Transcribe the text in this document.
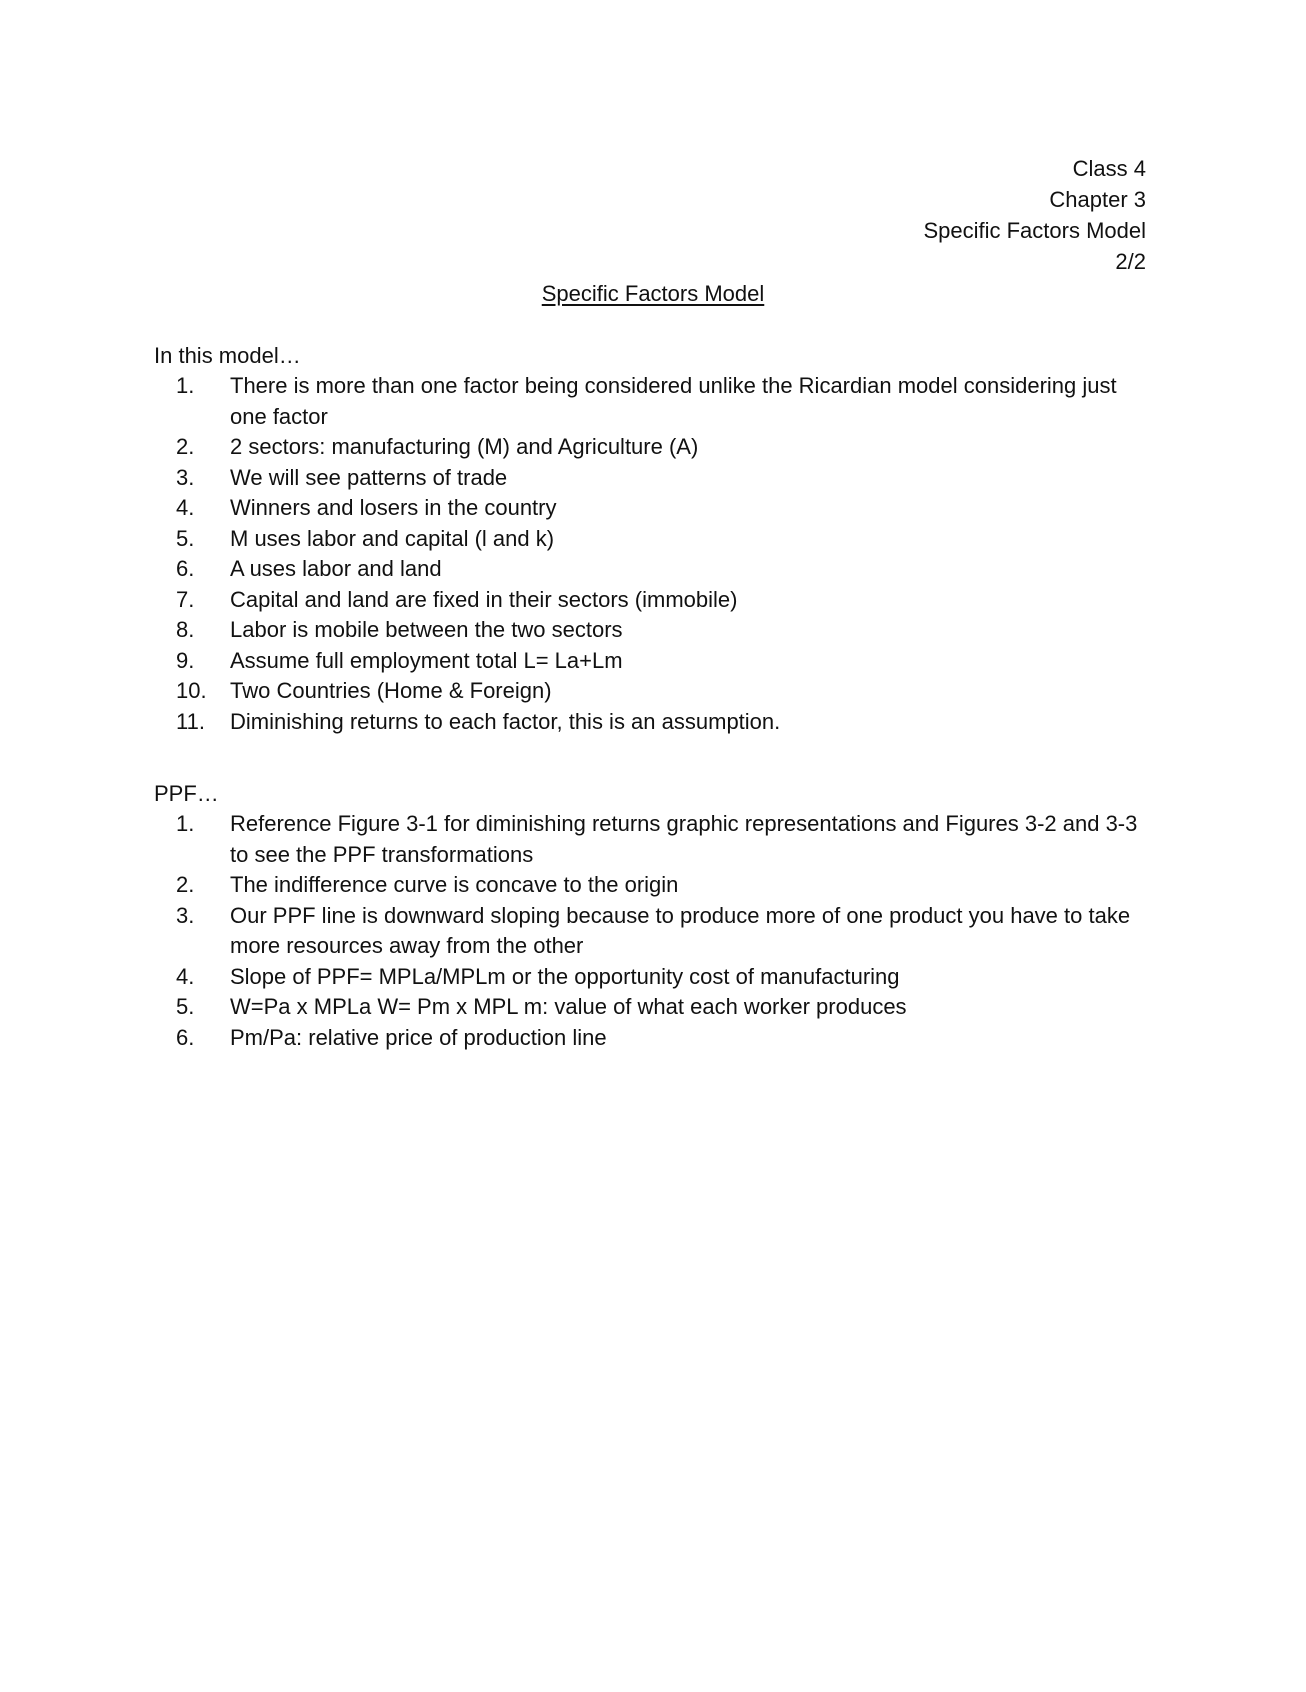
Class 4
Chapter 3
Specific Factors Model
2/2
Specific Factors Model

In this model…

1.	There is more than one factor being considered unlike the Ricardian model considering just one factor
2.	2 sectors: manufacturing (M) and Agriculture (A)
3.	We will see patterns of trade
4.	Winners and losers in the country
5.	M uses labor and capital (l and k)
6.	A uses labor and land
7.	Capital and land are fixed in their sectors (immobile)
8.	Labor is mobile between the two sectors
9.	Assume full employment total L= La+Lm
10.	Two Countries (Home & Foreign)
11.	Diminishing returns to each factor, this is an assumption.

PPF…

1.	Reference Figure 3-1 for diminishing returns graphic representations and Figures 3-2 and 3-3 to see the PPF transformations
2.	The indifference curve is concave to the origin
3.	Our PPF line is downward sloping because to produce more of one product you have to take more resources away from the other
4.	Slope of PPF= MPLa/MPLm or the opportunity cost of manufacturing
5.	W=Pa x MPLa W= Pm x MPL m: value of what each worker produces
6.	Pm/Pa: relative price of production line
